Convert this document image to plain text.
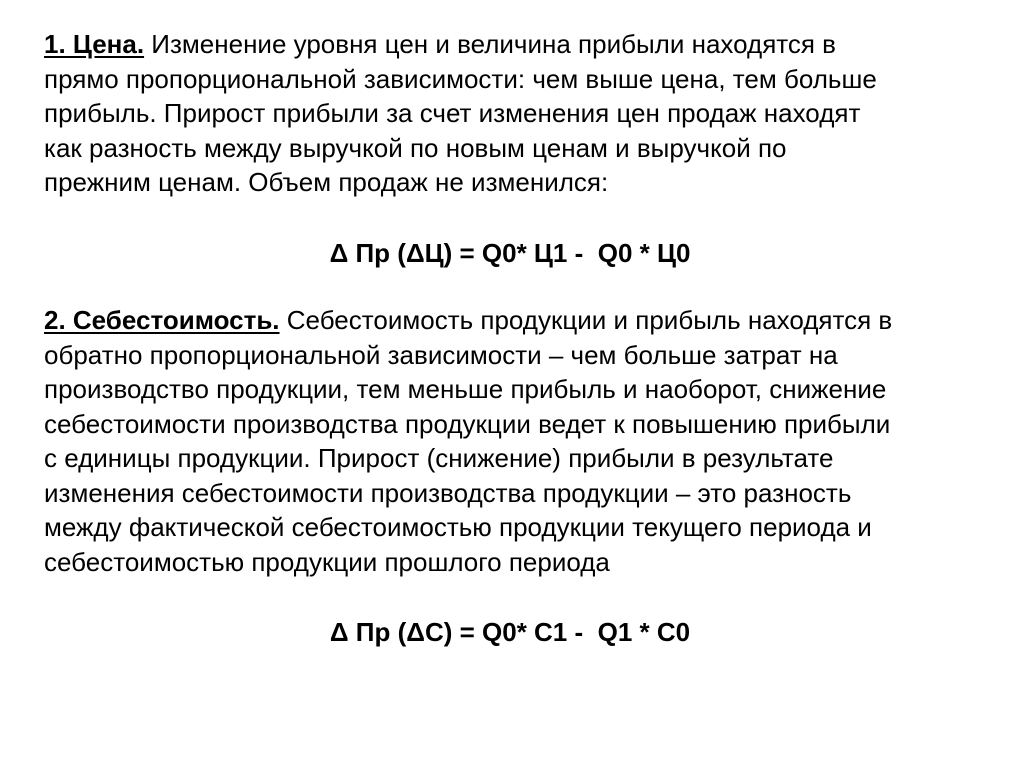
1. Цена. Изменение уровня цен и величина прибыли находятся в
прямо пропорциональной зависимости: чем выше цена, тем больше
прибыль. Прирост прибыли за счет изменения цен продаж находят
как разность между выручкой по новым ценам и выручкой по
прежним ценам. Объем продаж не изменился:
Δ Пр (ΔЦ) = Q0* Ц1 -  Q0 * Ц0
2. Себестоимость. Себестоимость продукции и прибыль находятся в
обратно пропорциональной зависимости – чем больше затрат на
производство продукции, тем меньше прибыль и наоборот, снижение
себестоимости производства продукции ведет к повышению прибыли
с единицы продукции. Прирост (снижение) прибыли в результате
изменения себестоимости производства продукции – это разность
между фактической себестоимостью продукции текущего периода и
себестоимостью продукции прошлого периода
Δ Пр (ΔС) = Q0* С1 -  Q1 * С0
